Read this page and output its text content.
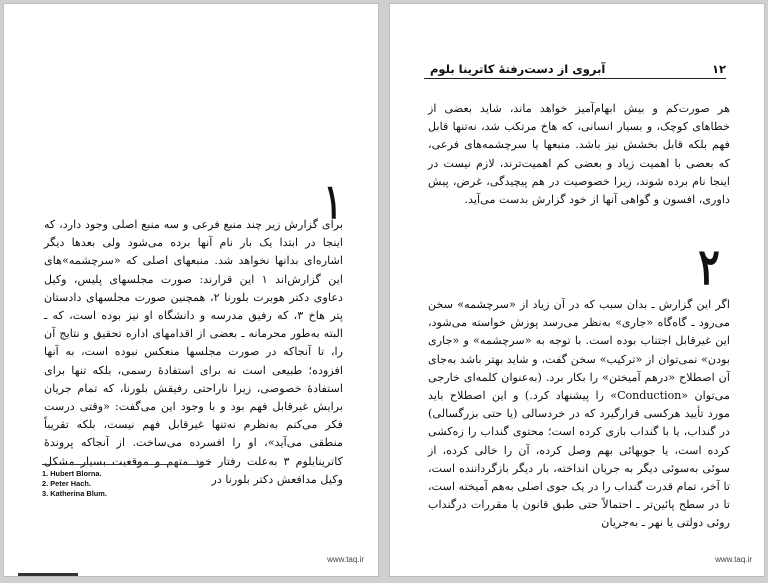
۱

برای گزارش زیر چند منبع فرعی و سه منبع اصلی وجود دارد، که اینجا در ابتدا یک بار نام آنها برده می‌شود ولی بعدها دیگر اشاره‌ای بدانها نخواهد شد. منبعهای اصلی که «سرچشمه»های این گزارش‌اند ۱ این قرارند: صورت مجلسهای پلیس، وکیل دعاوی دکتر هوبرت بلورنا ۲، همچنین صورت مجلسهای دادستان پتر هاخ ۳، که رفیق مدرسه و دانشگاه او نیز بوده است، که ـ البته به‌طور محرمانه ـ بعضی از اقدامهای اداره تحقیق و نتایج آن را، تا آنجاکه در صورت مجلسها منعکس نبوده است، به آنها افزوده؛ طبیعی است نه برای استفادهٔ رسمی، بلکه تنها برای استفادهٔ خصوصی، زیرا ناراحتی رفیقش بلورنا، که تمام جریان برایش غیرقابل فهم بود و با وجود این می‌گفت: «وقتی درست فکر می‌کنم به‌نظرم نه‌تنها غیرقابل فهم نیست، بلکه تقریباً منطقی می‌آید»، او را افسرده می‌ساخت. از آنجاکه پروندهٔ کاترینابلوم ۳ به‌علت رفتار خود متهم و موقعیت بسیار مشکل وکیل مدافعش دکتر بلورنا در

1. Hubert Blorna.
2. Peter Hach.
3. Katherina Blum.
www.taq.ir
۱۲
آبروی از دست‌رفتهٔ کاترینا بلوم

هر صورت‌کم و بیش ابهام‌آمیز خواهد ماند، شاید بعضی از خطاهای کوچک، و بسیار انسانی، که هاخ مرتکب شد، نه‌تنها قابل فهم بلکه قابل بخشش نیز باشد. منبعها یا سرچشمه‌های فرعی، که بعضی با اهمیت زیاد و بعضی کم اهمیت‌ترند، لازم نیست در اینجا نام برده شوند، زیرا خصوصیت در هم پیچیدگی، غرض، پیش داوری، افسون و گواهی آنها از خود گزارش بدست می‌آید.

۲

اگر این گزارش ـ بدان سبب که در آن زیاد از «سرچشمه» سخن می‌رود ـ گاه‌گاه «جاری» به‌نظر می‌رسد پوزش خواسته می‌شود، این غیرقابل اجتناب بوده است. با توجه به «سرچشمه» و «جاری بودن» نمی‌توان از «ترکیب» سخن گفت، و شاید بهتر باشد به‌جای آن اصطلاح «درهم آمیختن» را بکار برد. (به‌عنوان کلمه‌ای خارجی می‌توان «Conduction» را پیشنهاد کرد.) و این اصطلاح باید مورد تأیید هرکسی قرارگیرد که در خردسالی (یا حتی بزرگسالی) در گنداب، یا با گنداب بازی کرده است؛ محتوی گنداب را زه‌کشی کرده است، یا جویهائی بهم وصل کرده، آن را خالی کرده، از سوئی به‌سوئی دیگر به جریان انداخته، بار دیگر بازگرداننده است، تا آخر، تمام قدرت گنداب را در یک جوی اصلی به‌هم آمیخته است، تا در سطح پائین‌تر ـ احتمالاً حتی طبق قانون یا مقررات درگنداب روئی دولتی یا نهر ـ به‌جریان

www.taq.ir
